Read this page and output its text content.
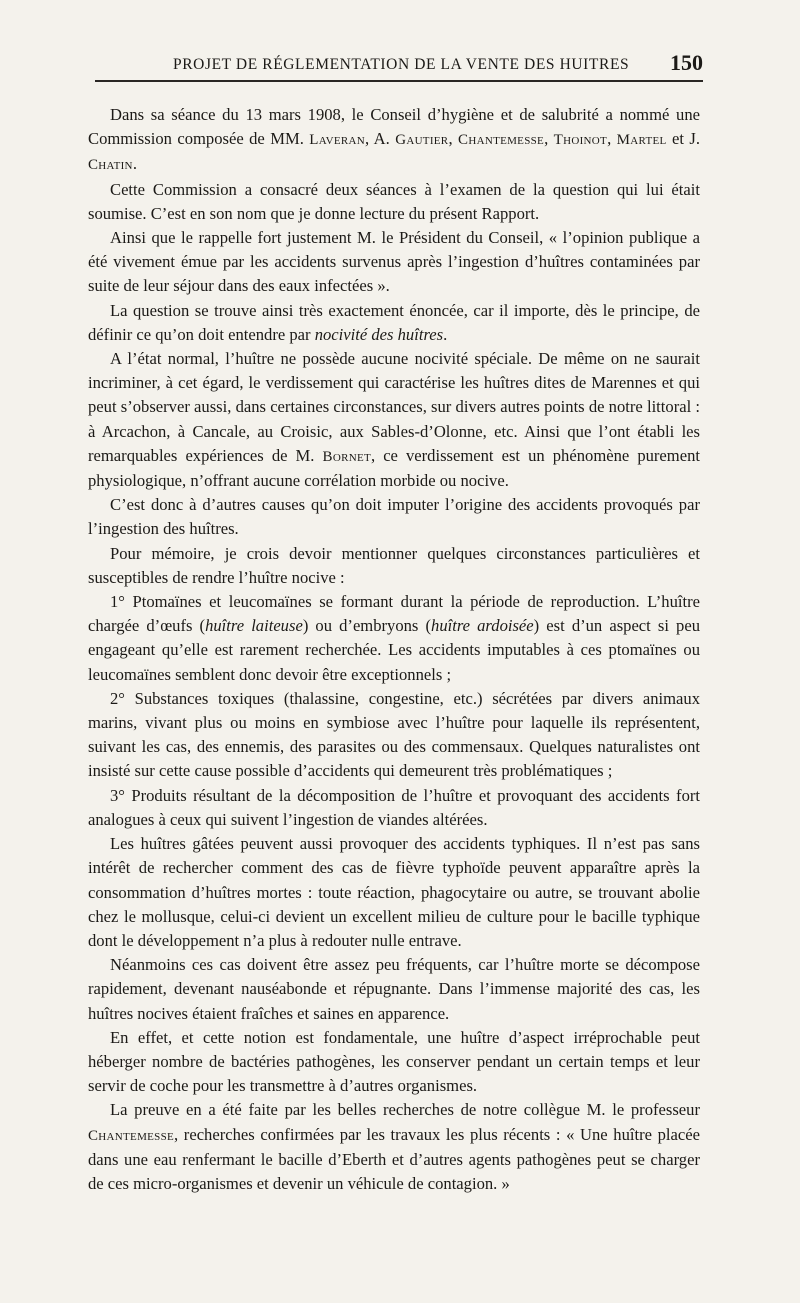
PROJET DE RÉGLEMENTATION DE LA VENTE DES HUITRES 150

Dans sa séance du 13 mars 1908, le Conseil d’hygiène et de salubrité a nommé une Commission composée de MM. Laveran, A. Gautier, Chantemesse, Thoinot, Martel et J. Chatin.

Cette Commission a consacré deux séances à l’examen de la question qui lui était soumise. C’est en son nom que je donne lecture du présent Rapport.

Ainsi que le rappelle fort justement M. le Président du Conseil, « l’opinion publique a été vivement émue par les accidents survenus après l’ingestion d’huîtres contaminées par suite de leur séjour dans des eaux infectées ».

La question se trouve ainsi très exactement énoncée, car il importe, dès le principe, de définir ce qu’on doit entendre par nocivité des huîtres.

A l’état normal, l’huître ne possède aucune nocivité spéciale. De même on ne saurait incriminer, à cet égard, le verdissement qui caractérise les huîtres dites de Marennes et qui peut s’observer aussi, dans certaines circonstances, sur divers autres points de notre littoral : à Arcachon, à Cancale, au Croisic, aux Sables-d’Olonne, etc. Ainsi que l’ont établi les remarquables expériences de M. Bornet, ce verdissement est un phénomène purement physiologique, n’offrant aucune corrélation morbide ou nocive.

C’est donc à d’autres causes qu’on doit imputer l’origine des accidents provoqués par l’ingestion des huîtres.

Pour mémoire, je crois devoir mentionner quelques circonstances particulières et susceptibles de rendre l’huître nocive :

1° Ptomaïnes et leucomaïnes se formant durant la période de reproduction. L’huître chargée d’œufs (huître laiteuse) ou d’embryons (huître ardoisée) est d’un aspect si peu engageant qu’elle est rarement recherchée. Les accidents imputables à ces ptomaïnes ou leucomaïnes semblent donc devoir être exceptionnels ;

2° Substances toxiques (thalassine, congestine, etc.) sécrétées par divers animaux marins, vivant plus ou moins en symbiose avec l’huître pour laquelle ils représentent, suivant les cas, des ennemis, des parasites ou des commensaux. Quelques naturalistes ont insisté sur cette cause possible d’accidents qui demeurent très problématiques ;

3° Produits résultant de la décomposition de l’huître et provoquant des accidents fort analogues à ceux qui suivent l’ingestion de viandes altérées.

Les huîtres gâtées peuvent aussi provoquer des accidents typhiques. Il n’est pas sans intérêt de rechercher comment des cas de fièvre typhoïde peuvent apparaître après la consommation d’huîtres mortes : toute réaction, phagocytaire ou autre, se trouvant abolie chez le mollusque, celui-ci devient un excellent milieu de culture pour le bacille typhique dont le développement n’a plus à redouter nulle entrave.

Néanmoins ces cas doivent être assez peu fréquents, car l’huître morte se décompose rapidement, devenant nauséabonde et répugnante. Dans l’immense majorité des cas, les huîtres nocives étaient fraîches et saines en apparence.

En effet, et cette notion est fondamentale, une huître d’aspect irréprochable peut héberger nombre de bactéries pathogènes, les conserver pendant un certain temps et leur servir de coche pour les transmettre à d’autres organismes.

La preuve en a été faite par les belles recherches de notre collègue M. le professeur Chantemesse, recherches confirmées par les travaux les plus récents : « Une huître placée dans une eau renfermant le bacille d’Eberth et d’autres agents pathogènes peut se charger de ces micro-organismes et devenir un véhicule de contagion. »
